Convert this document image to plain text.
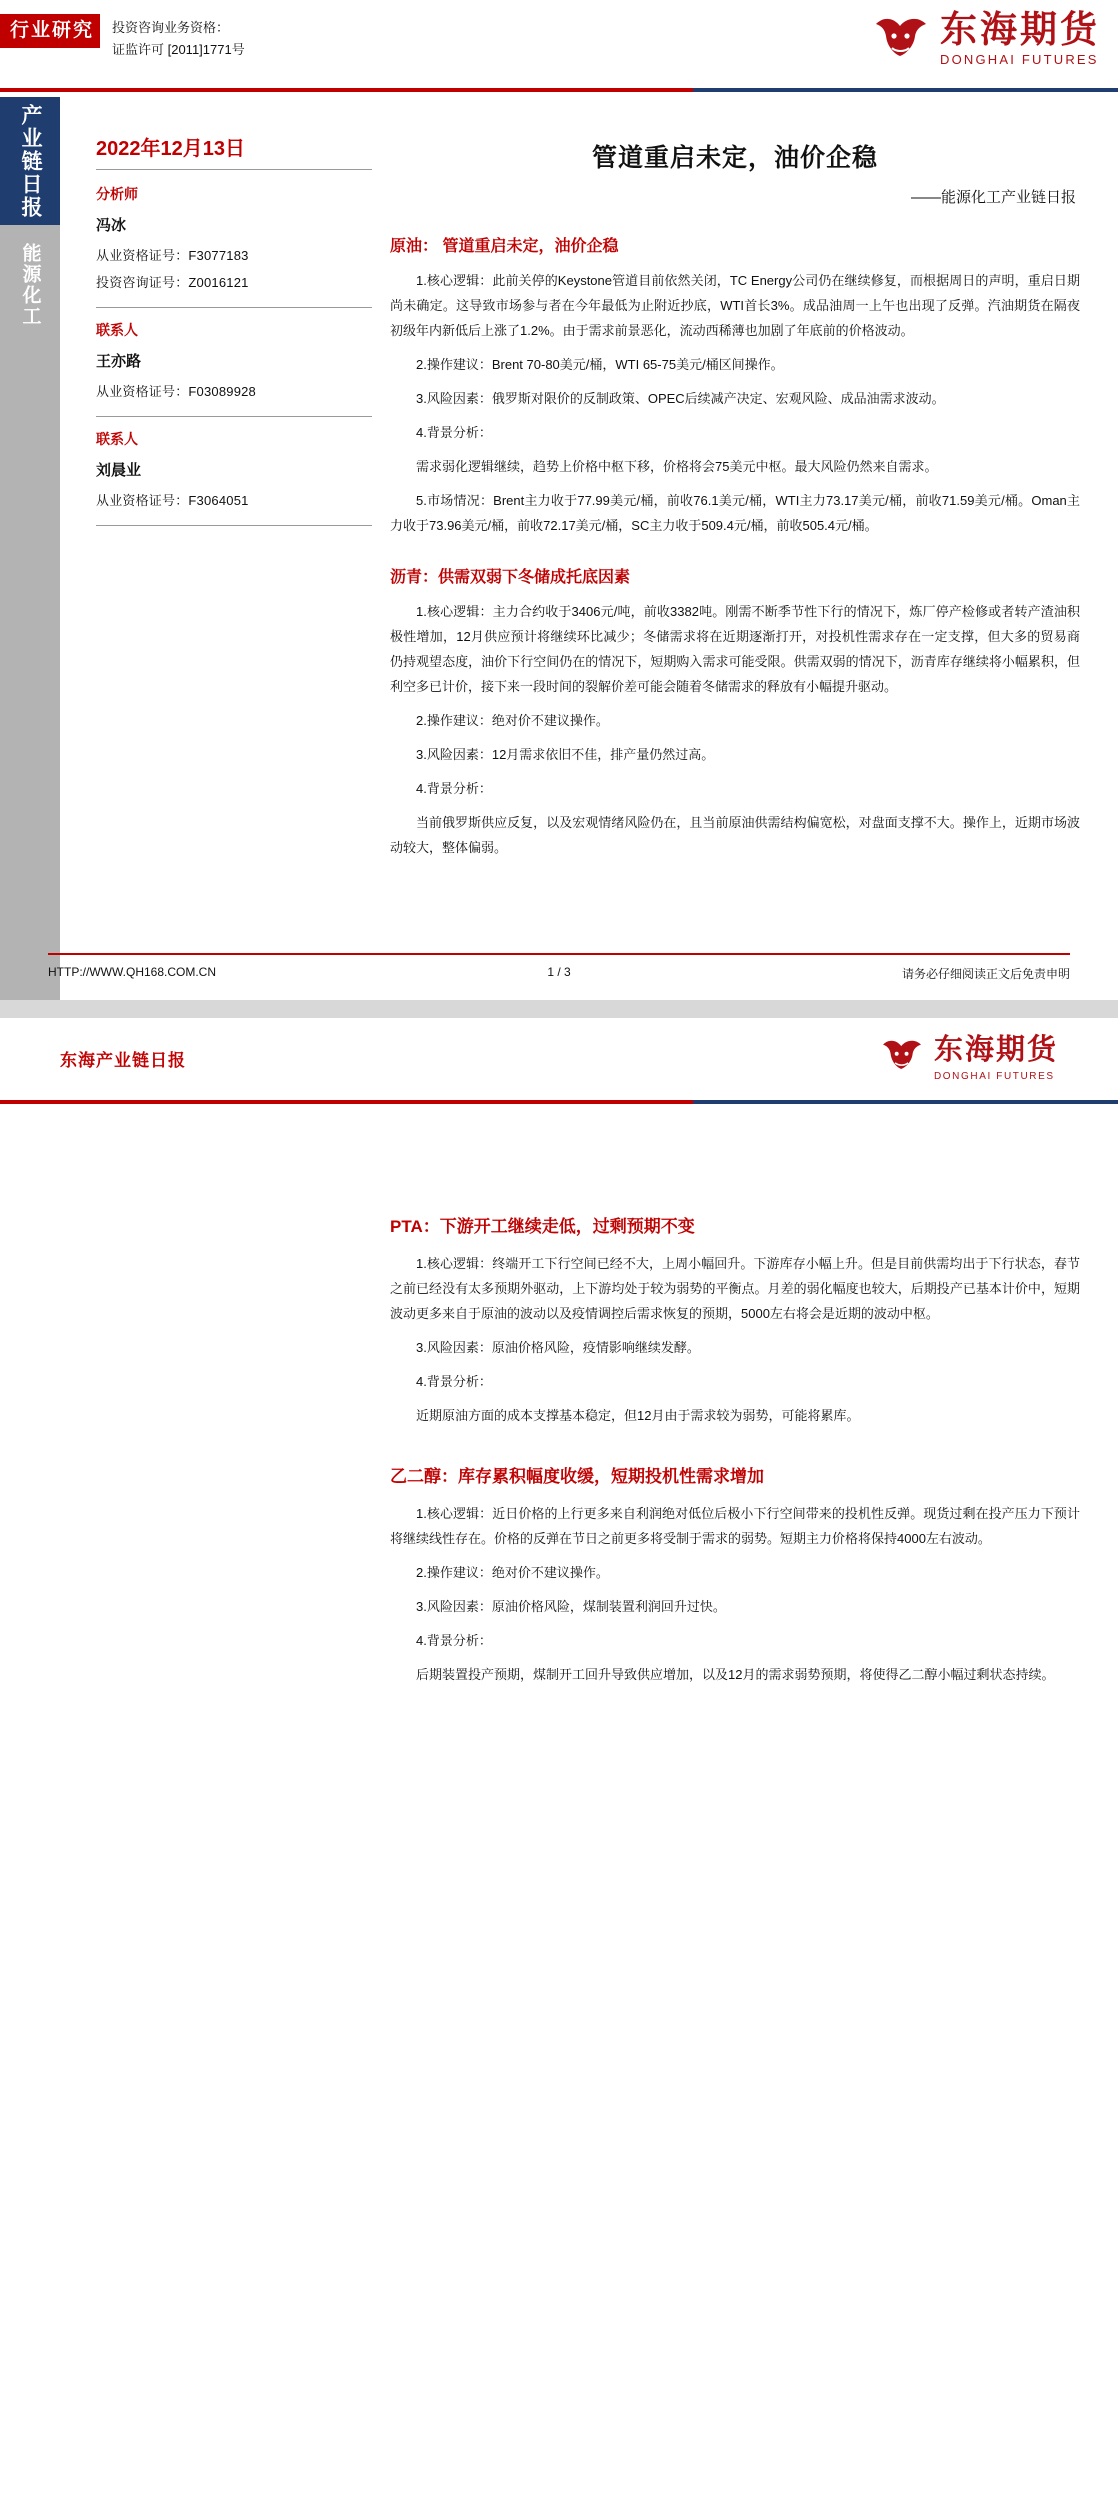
行业研究	投资咨询业务资格：
证监许可 [2011]1771号	东海期货
DONGHAI FUTURES
产业链日报
能源化工
2022年12月13日
分析师
冯冰
从业资格证号：F3077183
投资咨询证号：Z0016121
联系人
王亦路
从业资格证号：F03089928
联系人
刘晨业
从业资格证号：F3064051
管道重启未定，油价企稳
——能源化工产业链日报
原油： 管道重启未定，油价企稳

1.核心逻辑：此前关停的Keystone管道目前依然关闭，TC Energy公司仍在继续修复，而根据周日的声明，重启日期尚未确定。这导致市场参与者在今年最低为止附近抄底，WTI首长3%。成品油周一上午也出现了反弹。汽油期货在隔夜初级年内新低后上涨了1.2%。由于需求前景恶化，流动西稀薄也加剧了年底前的价格波动。

2.操作建议：Brent 70-80美元/桶，WTI 65-75美元/桶区间操作。

3.风险因素：俄罗斯对限价的反制政策、OPEC后续减产决定、宏观风险、成品油需求波动。

4.背景分析：

需求弱化逻辑继续，趋势上价格中枢下移，价格将会75美元中枢。最大风险仍然来自需求。

5.市场情况：Brent主力收于77.99美元/桶，前收76.1美元/桶，WTI主力73.17美元/桶，前收71.59美元/桶。Oman主力收于73.96美元/桶，前收72.17美元/桶，SC主力收于509.4元/桶，前收505.4元/桶。

沥青：供需双弱下冬储成托底因素

1.核心逻辑：主力合约收于3406元/吨，前收3382吨。刚需不断季节性下行的情况下，炼厂停产检修或者转产渣油积极性增加，12月供应预计将继续环比减少；冬储需求将在近期逐渐打开，对投机性需求存在一定支撑，但大多的贸易商仍持观望态度，油价下行空间仍在的情况下，短期购入需求可能受限。供需双弱的情况下，沥青库存继续将小幅累积，但利空多已计价，接下来一段时间的裂解价差可能会随着冬储需求的释放有小幅提升驱动。

2.操作建议：绝对价不建议操作。

3.风险因素：12月需求依旧不佳，排产量仍然过高。

4.背景分析：

当前俄罗斯供应反复，以及宏观情绪风险仍在，且当前原油供需结构偏宽松，对盘面支撑不大。操作上，近期市场波动较大，整体偏弱。

HTTP://WWW.QH168.COM.CN	1 / 3	请务必仔细阅读正文后免责申明
东海产业链日报	东海期货
DONGHAI FUTURES
PTA：下游开工继续走低，过剩预期不变

1.核心逻辑：终端开工下行空间已经不大，上周小幅回升。下游库存小幅上升。但是目前供需均出于下行状态，春节之前已经没有太多预期外驱动，上下游均处于较为弱势的平衡点。月差的弱化幅度也较大，后期投产已基本计价中，短期波动更多来自于原油的波动以及疫情调控后需求恢复的预期，5000左右将会是近期的波动中枢。

3.风险因素：原油价格风险，疫情影响继续发酵。

4.背景分析：

近期原油方面的成本支撑基本稳定，但12月由于需求较为弱势，可能将累库。

乙二醇：库存累积幅度收缓，短期投机性需求增加

1.核心逻辑：近日价格的上行更多来自利润绝对低位后极小下行空间带来的投机性反弹。现货过剩在投产压力下预计将继续线性存在。价格的反弹在节日之前更多将受制于需求的弱势。短期主力价格将保持4000左右波动。

2.操作建议：绝对价不建议操作。

3.风险因素：原油价格风险，煤制装置利润回升过快。

4.背景分析：

后期装置投产预期，煤制开工回升导致供应增加，以及12月的需求弱势预期，将使得乙二醇小幅过剩状态持续。
